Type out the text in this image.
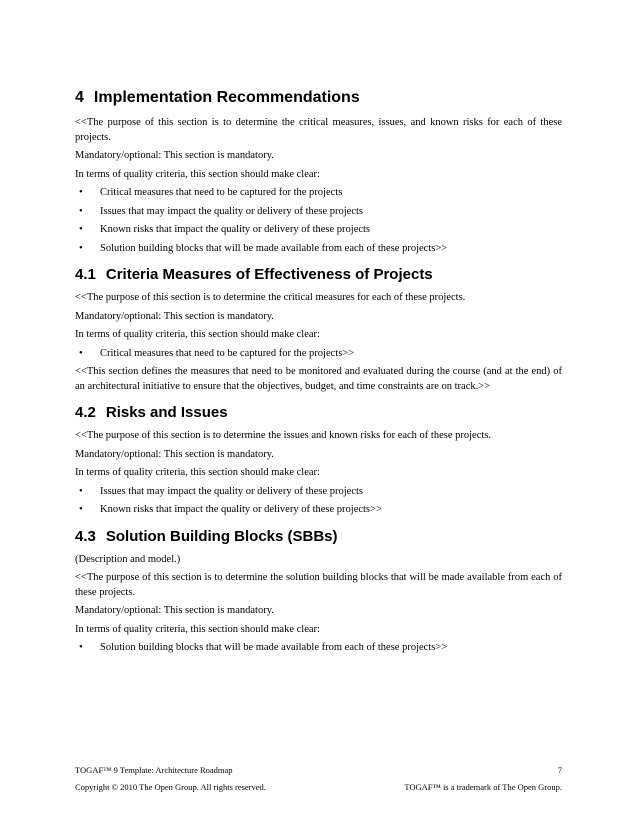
4 Implementation Recommendations

<<The purpose of this section is to determine the critical measures, issues, and known risks for each of these projects.

Mandatory/optional: This section is mandatory.

In terms of quality criteria, this section should make clear:

• Critical measures that need to be captured for the projects
• Issues that may impact the quality or delivery of these projects
• Known risks that impact the quality or delivery of these projects
• Solution building blocks that will be made available from each of these projects>>
4.1 Criteria Measures of Effectiveness of Projects

<<The purpose of this section is to determine the critical measures for each of these projects.

Mandatory/optional: This section is mandatory.

In terms of quality criteria, this section should make clear:

• Critical measures that need to be captured for the projects>>

<<This section defines the measures that need to be monitored and evaluated during the course (and at the end) of an architectural initiative to ensure that the objectives, budget, and time constraints are on track.>>

4.2 Risks and Issues

<<The purpose of this section is to determine the issues and known risks for each of these projects.

Mandatory/optional: This section is mandatory.

In terms of quality criteria, this section should make clear:

• Issues that may impact the quality or delivery of these projects
• Known risks that impact the quality or delivery of these projects>>
4.3 Solution Building Blocks (SBBs)

(Description and model.)

<<The purpose of this section is to determine the solution building blocks that will be made available from each of these projects.

Mandatory/optional: This section is mandatory.

In terms of quality criteria, this section should make clear:

• Solution building blocks that will be made available from each of these projects>>
TOGAF™ 9 Template: Architecture Roadmap	7
Copyright © 2010 The Open Group. All rights reserved.	TOGAF™ is a trademark of The Open Group.
